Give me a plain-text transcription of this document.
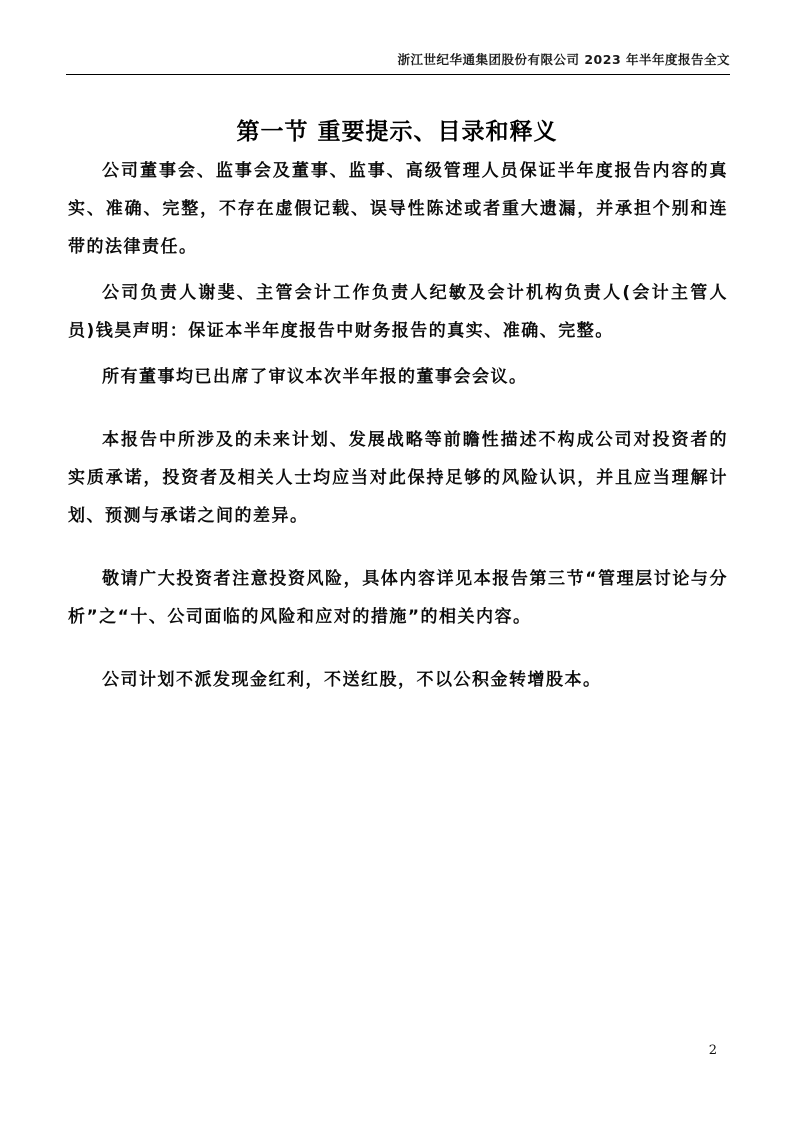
浙江世纪华通集团股份有限公司 2023 年半年度报告全文
第一节 重要提示、目录和释义

公司董事会、监事会及董事、监事、高级管理人员保证半年度报告内容的真实、准确、完整，不存在虚假记载、误导性陈述或者重大遗漏，并承担个别和连带的法律责任。

公司负责人谢斐、主管会计工作负责人纪敏及会计机构负责人(会计主管人员)钱昊声明：保证本半年度报告中财务报告的真实、准确、完整。

所有董事均已出席了审议本次半年报的董事会会议。

本报告中所涉及的未来计划、发展战略等前瞻性描述不构成公司对投资者的实质承诺，投资者及相关人士均应当对此保持足够的风险认识，并且应当理解计划、预测与承诺之间的差异。

敬请广大投资者注意投资风险，具体内容详见本报告第三节“管理层讨论与分析”之“十、公司面临的风险和应对的措施”的相关内容。

公司计划不派发现金红利，不送红股，不以公积金转增股本。

2
